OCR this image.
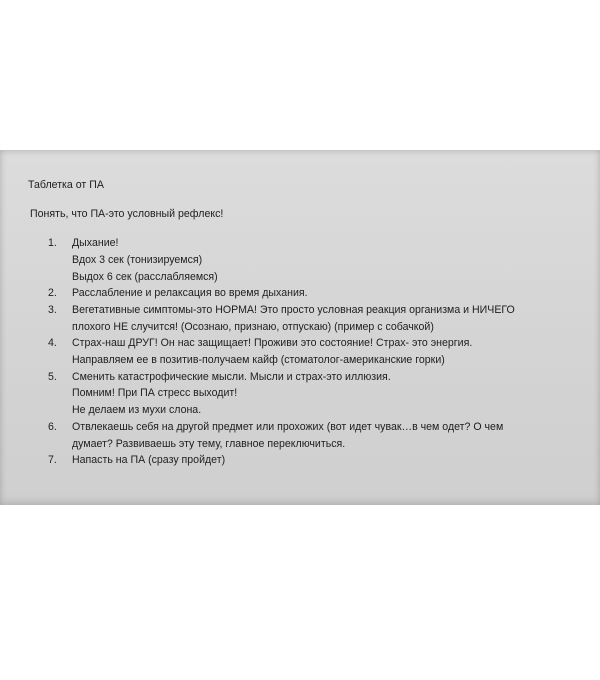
Таблетка от ПА
Понять, что ПА-это условный рефлекс!
1.	Дыхание!
Вдох 3 сек (тонизируемся)
Выдох 6 сек (расслабляемся)
2.	Расслабление и релаксация во время дыхания.
3.	Вегетативные симптомы-это НОРМА! Это просто условная реакция организма и НИЧЕГО
плохого НЕ случится! (Осознаю, признаю, отпускаю) (пример с собачкой)
4.	Страх-наш ДРУГ! Он нас защищает! Проживи это состояние! Страх- это энергия.
Направляем ее в позитив-получаем кайф (стоматолог-американские горки)
5.	Сменить катастрофические мысли. Мысли и страх-это иллюзия.
Помним! При ПА стресс выходит!
Не делаем из мухи слона.
6.	Отвлекаешь себя на другой предмет или прохожих (вот идет чувак…в чем одет? О чем
думает? Развиваешь эту тему, главное переключиться.
7.	Напасть на ПА (сразу пройдет)
